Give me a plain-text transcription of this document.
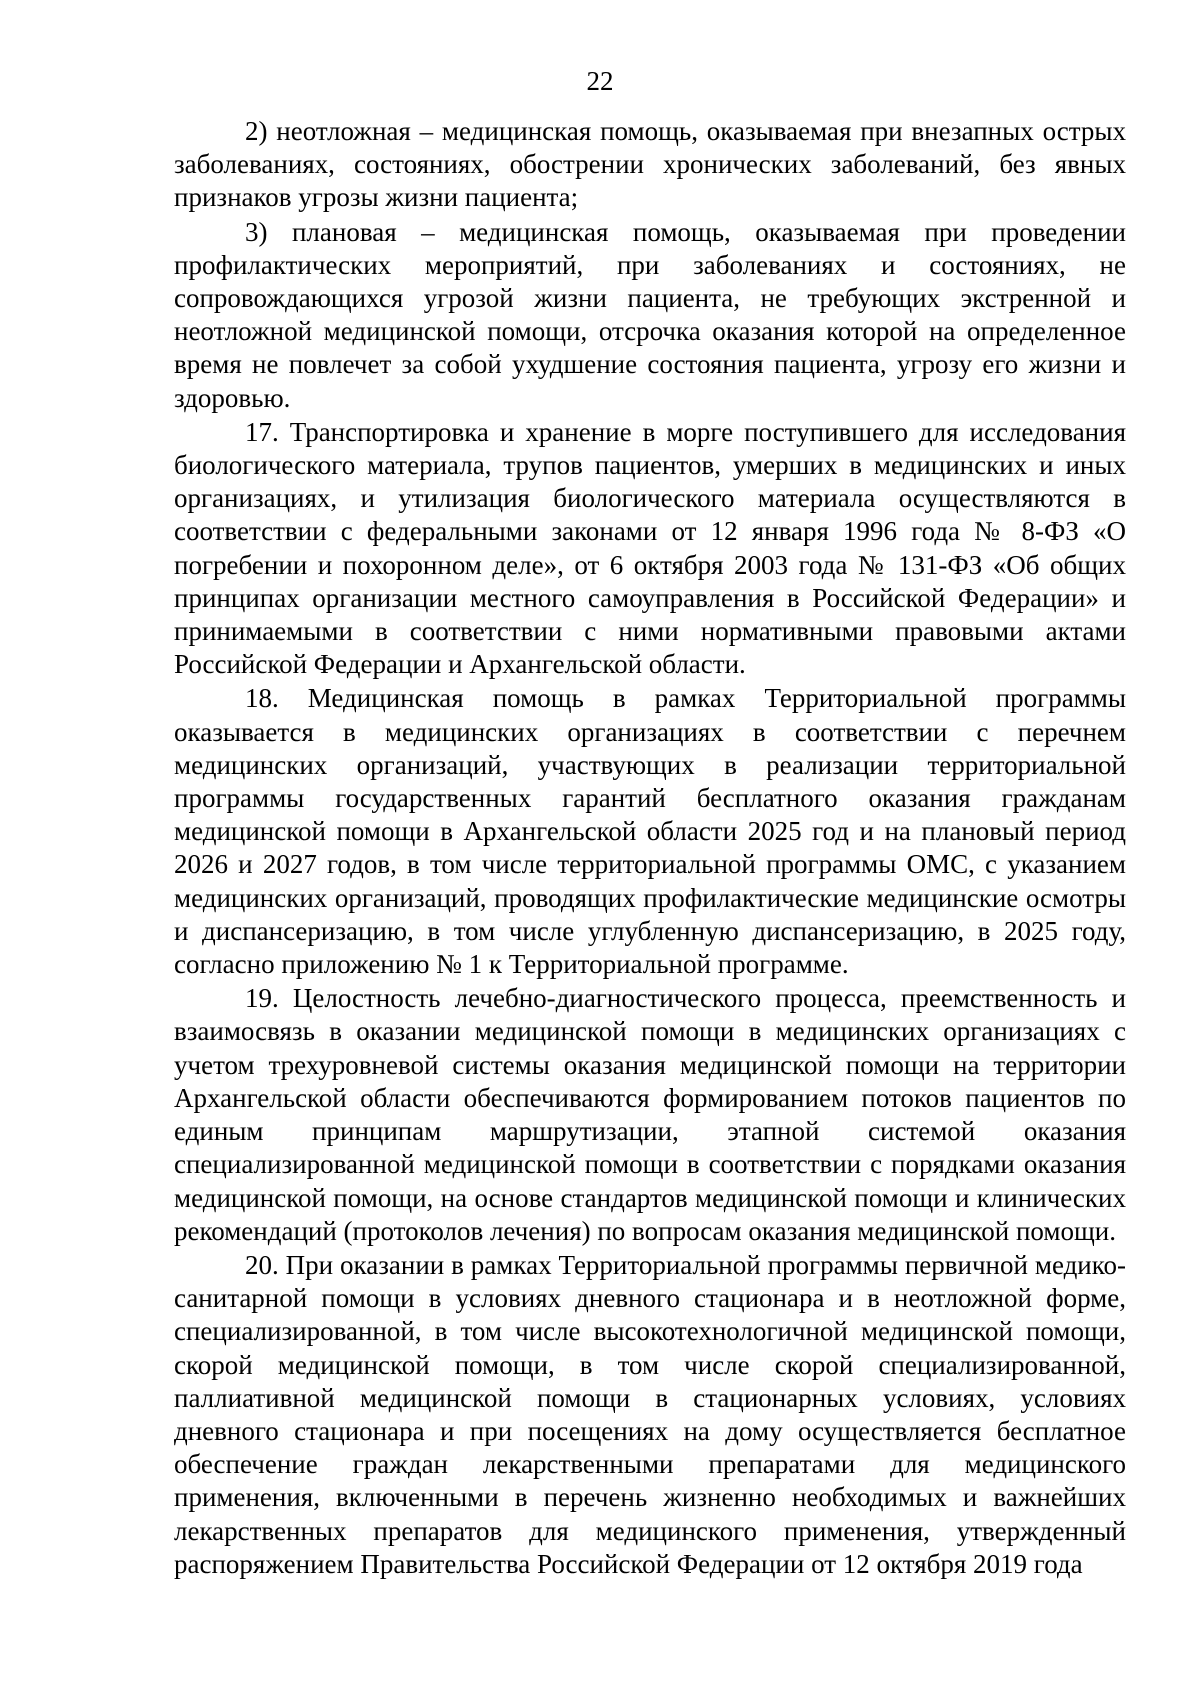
22

2) неотложная – медицинская помощь, оказываемая при внезапных острых заболеваниях, состояниях, обострении хронических заболеваний, без явных признаков угрозы жизни пациента;

3) плановая – медицинская помощь, оказываемая при проведении профилактических мероприятий, при заболеваниях и состояниях, не сопровождающихся угрозой жизни пациента, не требующих экстренной и неотложной медицинской помощи, отсрочка оказания которой на определенное время не повлечет за собой ухудшение состояния пациента, угрозу его жизни и здоровью.

17. Транспортировка и хранение в морге поступившего для исследования биологического материала, трупов пациентов, умерших в медицинских и иных организациях, и утилизация биологического материала осуществляются в соответствии с федеральными законами от 12 января 1996 года № 8-ФЗ «О погребении и похоронном деле», от 6 октября 2003 года № 131-ФЗ «Об общих принципах организации местного самоуправления в Российской Федерации» и принимаемыми в соответствии с ними нормативными правовыми актами Российской Федерации и Архангельской области.

18. Медицинская помощь в рамках Территориальной программы оказывается в медицинских организациях в соответствии с перечнем медицинских организаций, участвующих в реализации территориальной программы государственных гарантий бесплатного оказания гражданам медицинской помощи в Архангельской области 2025 год и на плановый период 2026 и 2027 годов, в том числе территориальной программы ОМС, с указанием медицинских организаций, проводящих профилактические медицинские осмотры и диспансеризацию, в том числе углубленную диспансеризацию, в 2025 году, согласно приложению № 1 к Территориальной программе.

19. Целостность лечебно-диагностического процесса, преемственность и взаимосвязь в оказании медицинской помощи в медицинских организациях с учетом трехуровневой системы оказания медицинской помощи на территории Архангельской области обеспечиваются формированием потоков пациентов по единым принципам маршрутизации, этапной системой оказания специализированной медицинской помощи в соответствии с порядками оказания медицинской помощи, на основе стандартов медицинской помощи и клинических рекомендаций (протоколов лечения) по вопросам оказания медицинской помощи.

20. При оказании в рамках Территориальной программы первичной медико-санитарной помощи в условиях дневного стационара и в неотложной форме, специализированной, в том числе высокотехнологичной медицинской помощи, скорой медицинской помощи, в том числе скорой специализированной, паллиативной медицинской помощи в стационарных условиях, условиях дневного стационара и при посещениях на дому осуществляется бесплатное обеспечение граждан лекарственными препаратами для медицинского применения, включенными в перечень жизненно необходимых и важнейших лекарственных препаратов для медицинского применения, утвержденный распоряжением Правительства Российской Федерации от 12 октября 2019 года
